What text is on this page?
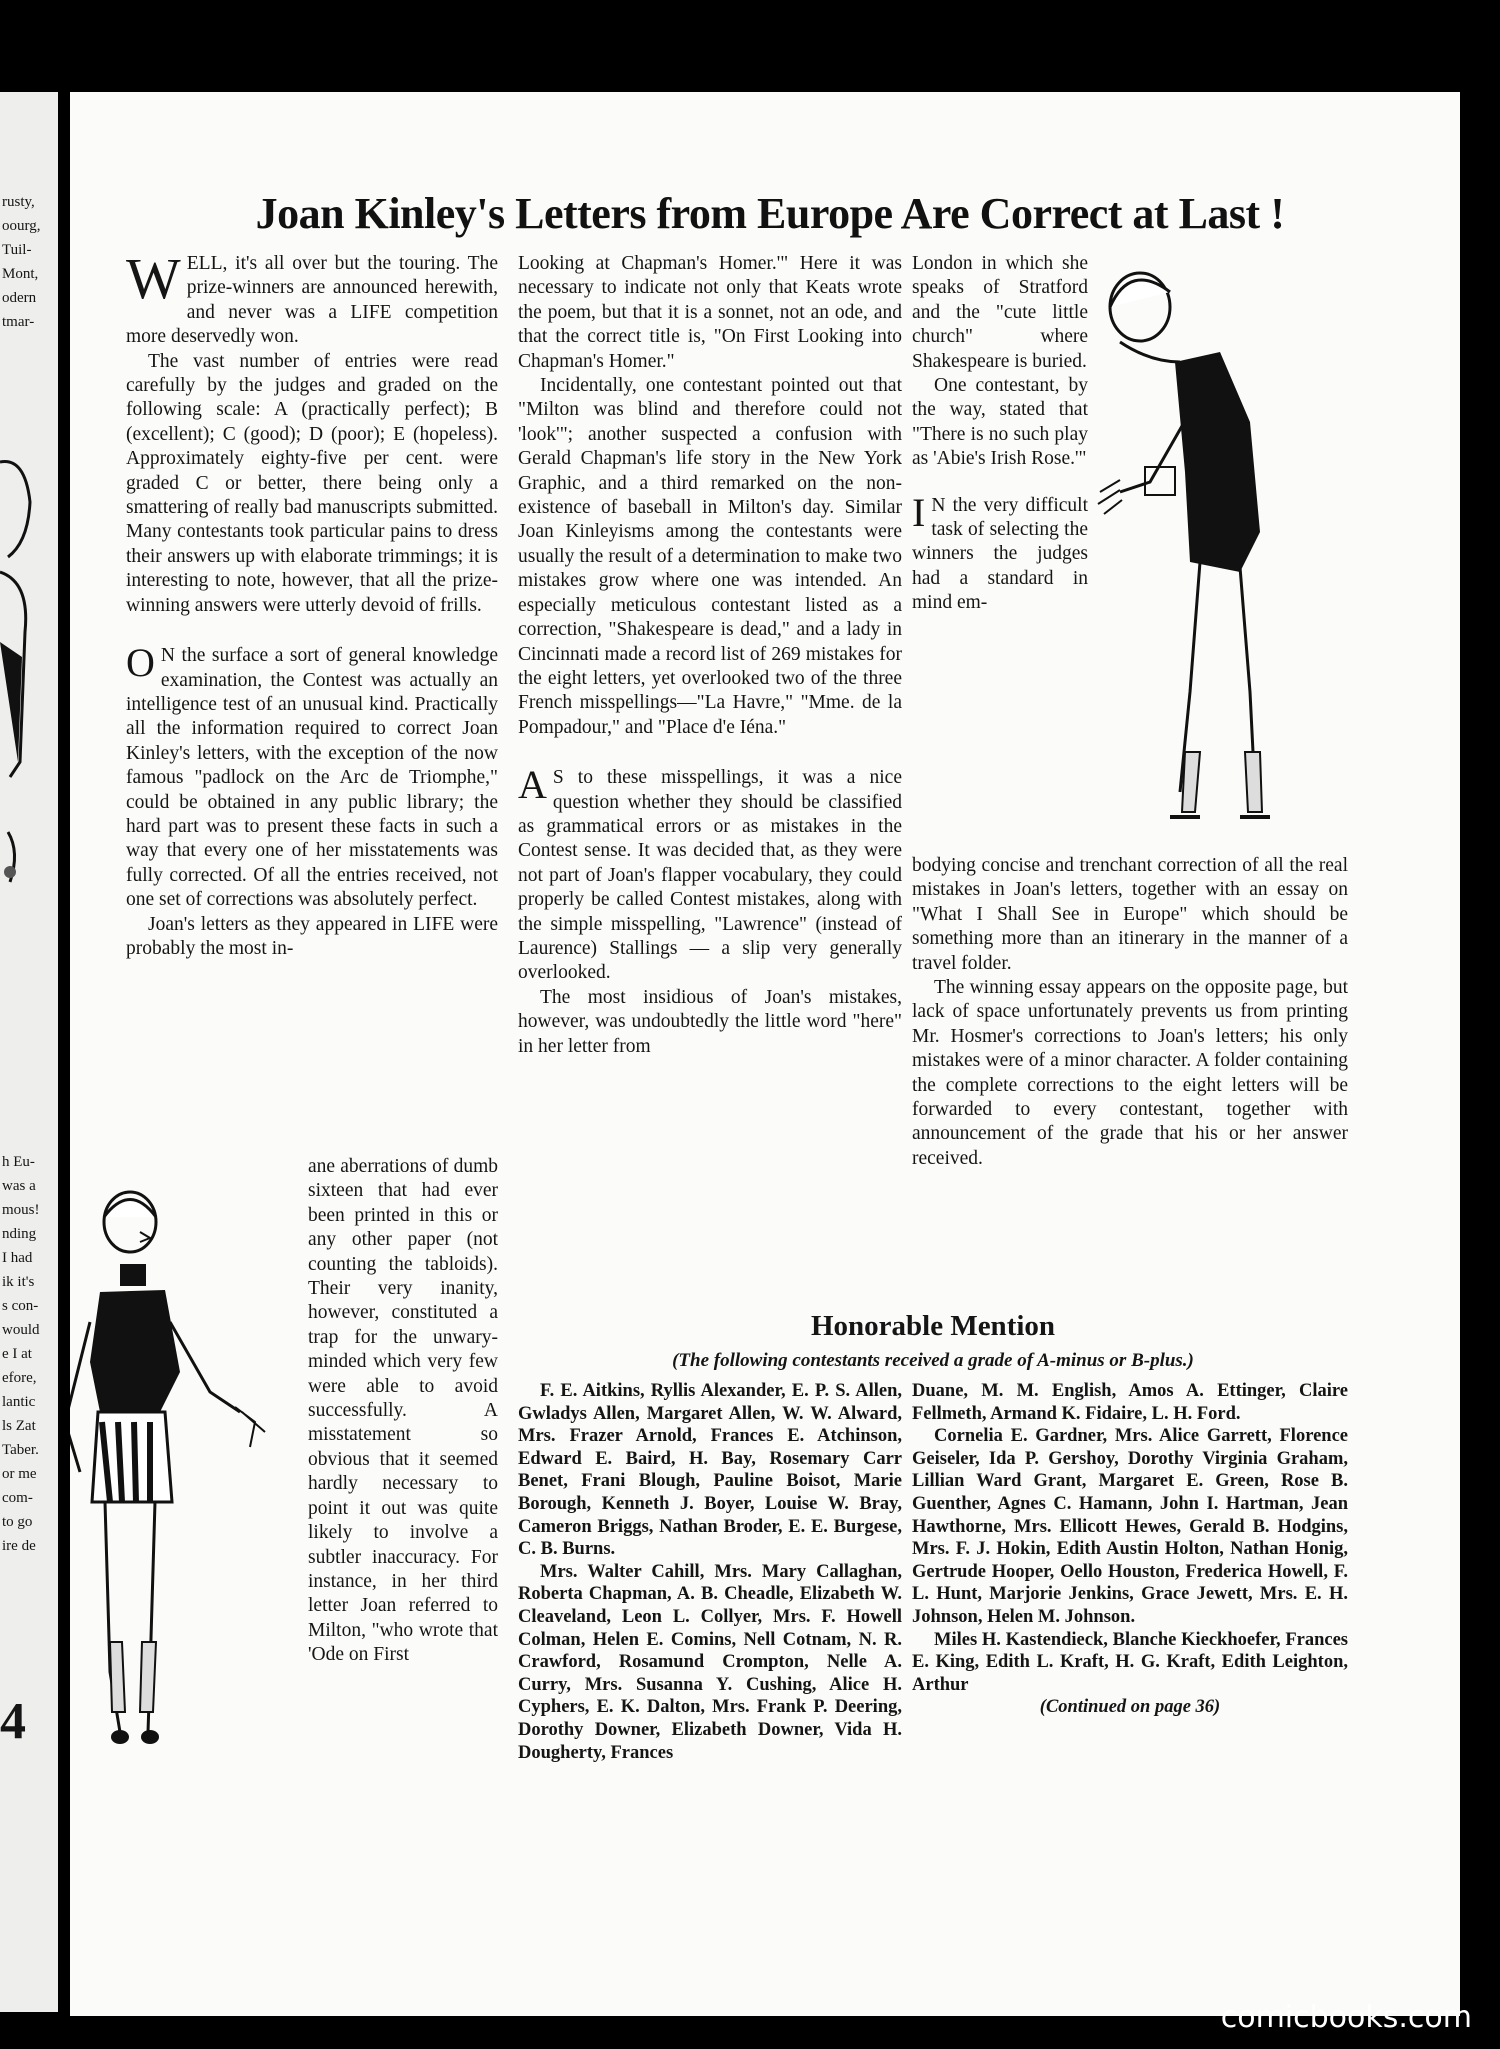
rusty,
oourg,
Tuil-
Mont,
odern
tmar-
h Eu-
was a
mous!
nding
I had
ik it's
s con-
would
e I at
efore,
lantic
ls Zat
Taber.
or me
com-
to go
ire de
4
Joan Kinley's Letters from Europe Are Correct at Last !

WELL, it's all over but the touring. The prize-winners are announced herewith, and never was a LIFE competition more deservedly won.

The vast number of entries were read carefully by the judges and graded on the following scale: A (practically perfect); B (excellent); C (good); D (poor); E (hopeless). Approximately eighty-five per cent. were graded C or better, there being only a smattering of really bad manuscripts submitted. Many contestants took particular pains to dress their answers up with elaborate trimmings; it is interesting to note, however, that all the prize-winning answers were utterly devoid of frills.

O N the surface a sort of general knowledge examination, the Contest was actually an intelligence test of an unusual kind. Practically all the information required to correct Joan Kinley's letters, with the exception of the now famous "padlock on the Arc de Triomphe," could be obtained in any public library; the hard part was to present these facts in such a way that every one of her misstatements was fully corrected. Of all the entries received, not one set of corrections was absolutely perfect.

Joan's letters as they appeared in LIFE were probably the most in-

ane aberrations of dumb sixteen that had ever been printed in this or any other paper (not counting the tabloids). Their very inanity, however, constituted a trap for the unwary-minded which very few were able to avoid successfully. A misstatement so obvious that it seemed hardly necessary to point it out was quite likely to involve a subtler inaccuracy. For instance, in her third letter Joan referred to Milton, "who wrote that 'Ode on First

Looking at Chapman's Homer.'" Here it was necessary to indicate not only that Keats wrote the poem, but that it is a sonnet, not an ode, and that the correct title is, "On First Looking into Chapman's Homer."

Incidentally, one contestant pointed out that "Milton was blind and therefore could not 'look'"; another suspected a confusion with Gerald Chapman's life story in the New York Graphic, and a third remarked on the non-existence of baseball in Milton's day. Similar Joan Kinleyisms among the contestants were usually the result of a determination to make two mistakes grow where one was intended. An especially meticulous contestant listed as a correction, "Shakespeare is dead," and a lady in Cincinnati made a record list of 269 mistakes for the eight letters, yet overlooked two of the three French misspellings—"La Havre," "Mme. de la Pompadour," and "Place d'e Iéna."

A S to these misspellings, it was a nice question whether they should be classified as grammatical errors or as mistakes in the Contest sense. It was decided that, as they were not part of Joan's flapper vocabulary, they could properly be called Contest mistakes, along with the simple misspelling, "Lawrence" (instead of Laurence) Stallings — a slip very generally overlooked.

The most insidious of Joan's mistakes, however, was undoubtedly the little word "here" in her letter from

London in which she speaks of Stratford and the "cute little church" where Shakespeare is buried.

One contestant, by the way, stated that "There is no such play as 'Abie's Irish Rose.'"

I N the very difficult task of selecting the winners the judges had a standard in mind em-

bodying concise and trenchant correction of all the real mistakes in Joan's letters, together with an essay on "What I Shall See in Europe" which should be something more than an itinerary in the manner of a travel folder.

The winning essay appears on the opposite page, but lack of space unfortunately prevents us from printing Mr. Hosmer's corrections to Joan's letters; his only mistakes were of a minor character. A folder containing the complete corrections to the eight letters will be forwarded to every contestant, together with announcement of the grade that his or her answer received.

Honorable Mention
(The following contestants received a grade of A-minus or B-plus.)

F. E. Aitkins, Ryllis Alexander, E. P. S. Allen, Gwladys Allen, Margaret Allen, W. W. Alward, Mrs. Frazer Arnold, Frances E. Atchinson, Edward E. Baird, H. Bay, Rosemary Carr Benet, Frani Blough, Pauline Boisot, Marie Borough, Kenneth J. Boyer, Louise W. Bray, Cameron Briggs, Nathan Broder, E. E. Burgese, C. B. Burns.

Mrs. Walter Cahill, Mrs. Mary Callaghan, Roberta Chapman, A. B. Cheadle, Elizabeth W. Cleaveland, Leon L. Collyer, Mrs. F. Howell Colman, Helen E. Comins, Nell Cotnam, N. R. Crawford, Rosamund Crompton, Nelle A. Curry, Mrs. Susanna Y. Cushing, Alice H. Cyphers, E. K. Dalton, Mrs. Frank P. Deering, Dorothy Downer, Elizabeth Downer, Vida H. Dougherty, Frances

Duane, M. M. English, Amos A. Ettinger, Claire Fellmeth, Armand K. Fidaire, L. H. Ford.

Cornelia E. Gardner, Mrs. Alice Garrett, Florence Geiseler, Ida P. Gershoy, Dorothy Virginia Graham, Lillian Ward Grant, Margaret E. Green, Rose B. Guenther, Agnes C. Hamann, John I. Hartman, Jean Hawthorne, Mrs. Ellicott Hewes, Gerald B. Hodgins, Mrs. F. J. Hokin, Edith Austin Holton, Nathan Honig, Gertrude Hooper, Oello Houston, Frederica Howell, F. L. Hunt, Marjorie Jenkins, Grace Jewett, Mrs. E. H. Johnson, Helen M. Johnson.

Miles H. Kastendieck, Blanche Kieckhoefer, Frances E. King, Edith L. Kraft, H. G. Kraft, Edith Leighton, Arthur

(Continued on page 36)

comicbooks.com
